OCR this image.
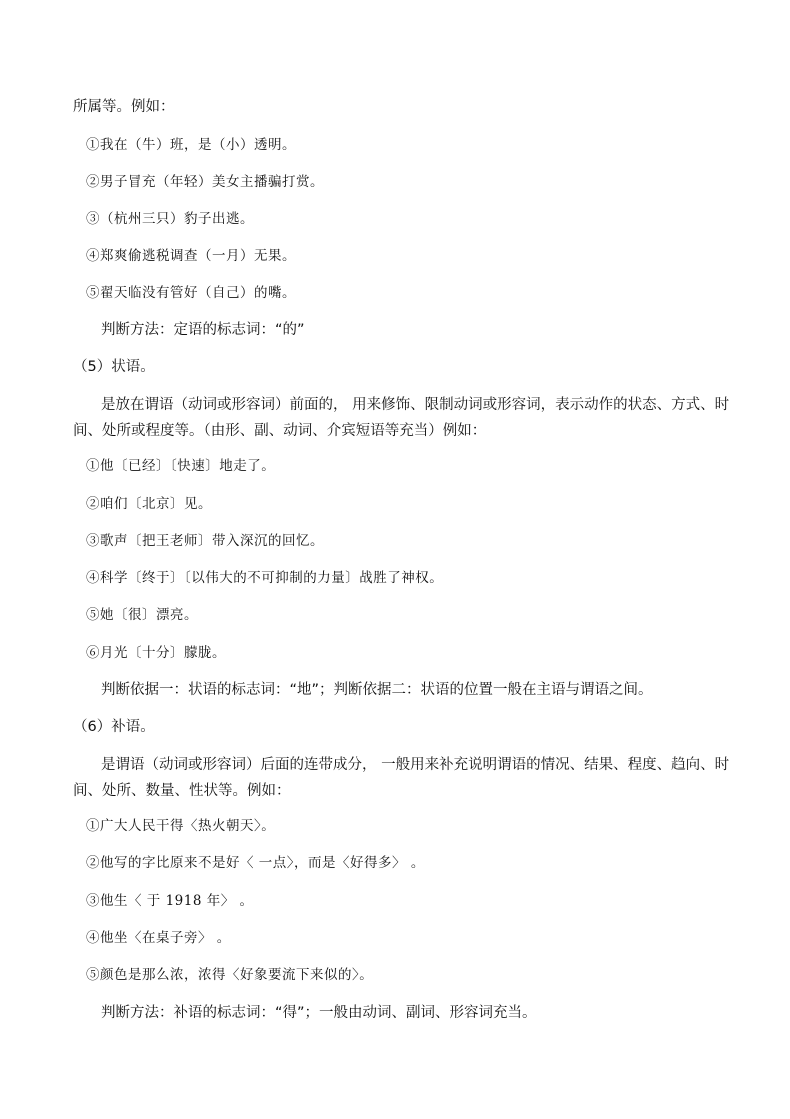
所属等。例如：
①我在（牛）班，是（小）透明。
②男子冒充（年轻）美女主播骗打赏。
③（杭州三只）豹子出逃。
④郑爽偷逃税调查（一月）无果。
⑤翟天临没有管好（自己）的嘴。
判断方法：定语的标志词：“的”
（5）状语。
是放在谓语（动词或形容词）前面的， 用来修饰、限制动词或形容词，表示动作的状态、方式、时间、处所或程度等。（由形、副、动词、介宾短语等充当）例如：
①他〔已经〕〔快速〕地走了。
②咱们〔北京〕见。
③歌声〔把王老师〕带入深沉的回忆。
④科学〔终于〕〔以伟大的不可抑制的力量〕战胜了神权。
⑤她〔很〕漂亮。
⑥月光〔十分〕朦胧。
判断依据一：状语的标志词：“地”；判断依据二：状语的位置一般在主语与谓语之间。
（6）补语。
是谓语（动词或形容词）后面的连带成分， 一般用来补充说明谓语的情况、结果、程度、趋向、时间、处所、数量、性状等。例如：
①广大人民干得〈热火朝天〉。
②他写的字比原来不是好〈 一点〉，而是〈好得多〉 。
③他生〈 于 1918 年〉 。
④他坐〈在桌子旁〉 。
⑤颜色是那么浓，浓得〈好象要流下来似的〉。
判断方法：补语的标志词：“得”；一般由动词、副词、形容词充当。
